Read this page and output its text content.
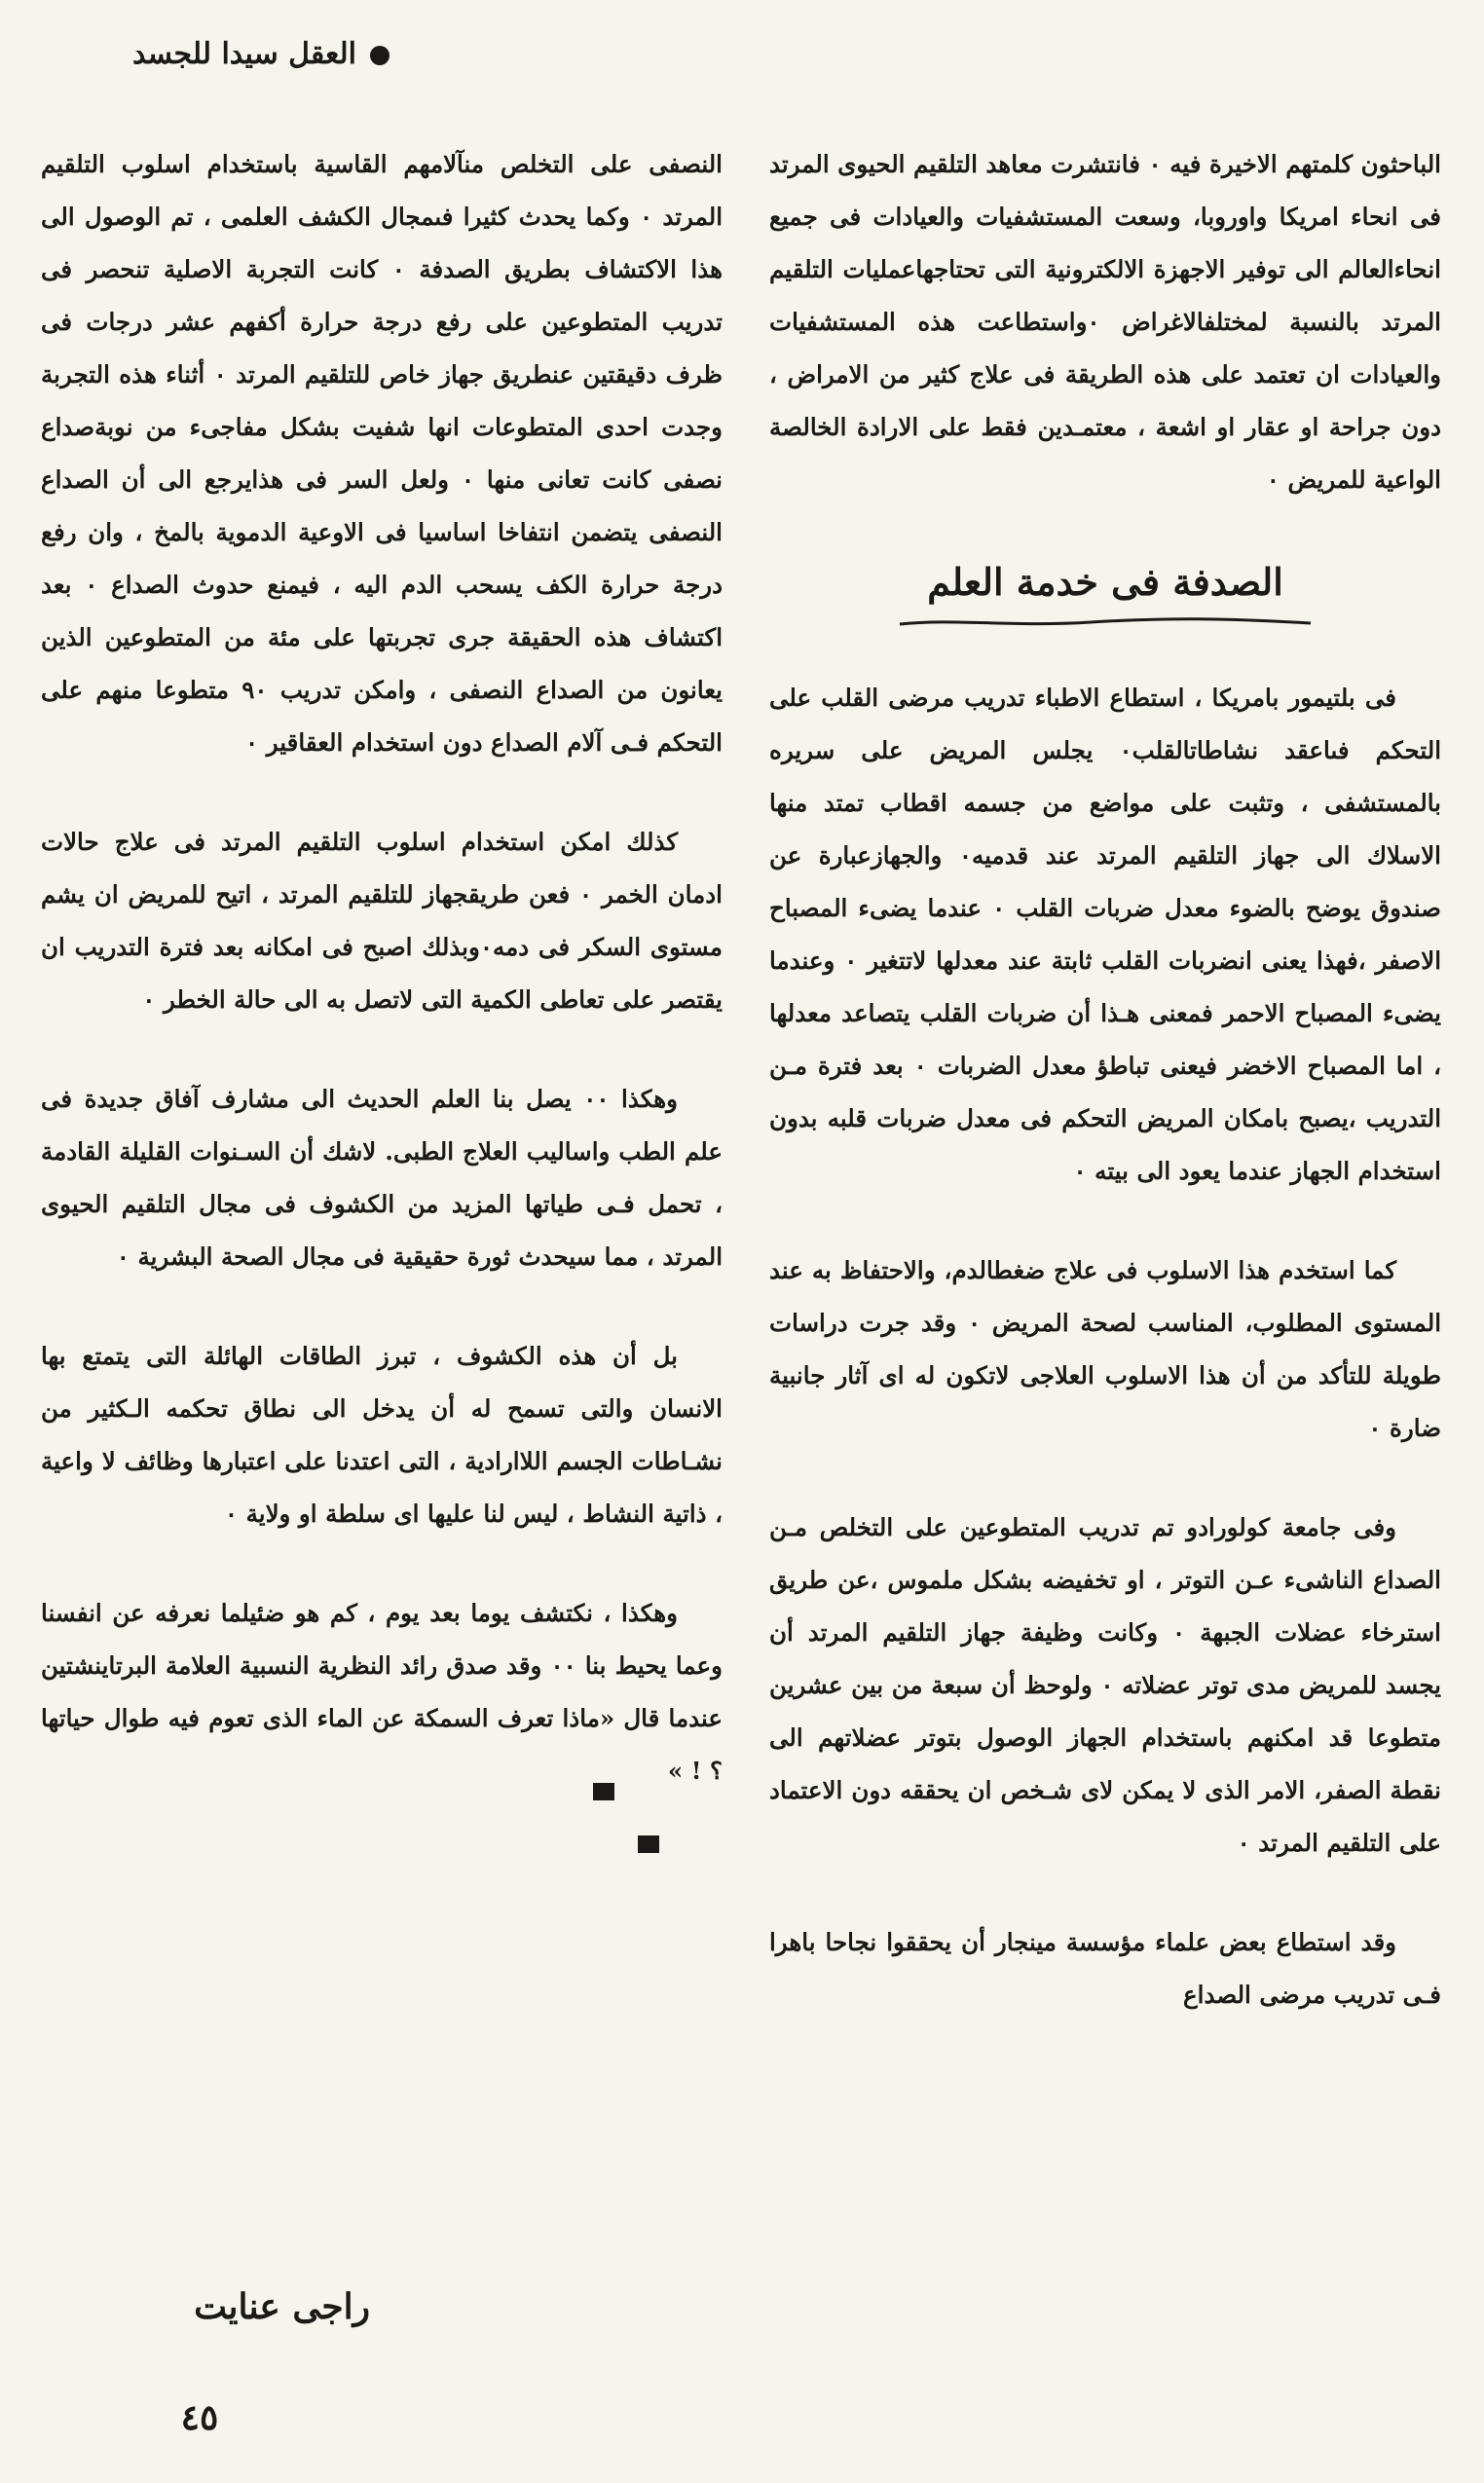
العقل سيدا للجسد

الباحثون كلمتهم الاخيرة فيه ٠ فانتشرت معاهد التلقيم الحيوى المرتد فى انحاء امريكا واوروبا، وسعت المستشفيات والعيادات فى جميع انحاءالعالم الى توفير الاجهزة الالكترونية التى تحتاجهاعمليات التلقيم المرتد بالنسبة لمختلفالاغراض ٠واستطاعت هذه المستشفيات والعيادات ان تعتمد على هذه الطريقة فى علاج كثير من الامراض ، دون جراحة او عقار او اشعة ، معتمـدين فقط على الارادة الخالصة الواعية للمريض ٠

الصدفة فى خدمة العلم

فى بلتيمور بامريكا ، استطاع الاطباء تدريب مرضى القلب على التحكم فىاعقد نشاطاتالقلب٠ يجلس المريض على سريره بالمستشفى ، وتثبت على مواضع من جسمه اقطاب تمتد منها الاسلاك الى جهاز التلقيم المرتد عند قدميه٠ والجهازعبارة عن صندوق يوضح بالضوء معدل ضربات القلب ٠ عندما يضىء المصباح الاصفر ،فهذا يعنى انضربات القلب ثابتة عند معدلها لاتتغير ٠ وعندما يضىء المصباح الاحمر فمعنى هـذا أن ضربات القلب يتصاعد معدلها ، اما المصباح الاخضر فيعنى تباطؤ معدل الضربات ٠ بعد فترة مـن التدريب ،يصبح بامكان المريض التحكم فى معدل ضربات قلبه بدون استخدام الجهاز عندما يعود الى بيته ٠

كما استخدم هذا الاسلوب فى علاج ضغطالدم، والاحتفاظ به عند المستوى المطلوب، المناسب لصحة المريض ٠ وقد جرت دراسات طويلة للتأكد من أن هذا الاسلوب العلاجى لاتكون له اى آثار جانبية ضارة ٠

وفى جامعة كولورادو تم تدريب المتطوعين على التخلص مـن الصداع الناشىء عـن التوتر ، او تخفيضه بشكل ملموس ،عن طريق استرخاء عضلات الجبهة ٠ وكانت وظيفة جهاز التلقيم المرتد أن يجسد للمريض مدى توتر عضلاته ٠ ولوحظ أن سبعة من بين عشرين متطوعا قد امكنهم باستخدام الجهاز الوصول بتوتر عضلاتهم الى نقطة الصفر، الامر الذى لا يمكن لاى شـخص ان يحققه دون الاعتماد على التلقيم المرتد ٠

وقد استطاع بعض علماء مؤسسة مينجار أن يحققوا نجاحا باهرا فـى تدريب مرضى الصداع

النصفى على التخلص منآلامهم القاسية باستخدام اسلوب التلقيم المرتد ٠ وكما يحدث كثيرا فىمجال الكشف العلمى ، تم الوصول الى هذا الاكتشاف بطريق الصدفة ٠ كانت التجربة الاصلية تنحصر فى تدريب المتطوعين على رفع درجة حرارة أكفهم عشر درجات فى ظرف دقيقتين عنطريق جهاز خاص للتلقيم المرتد ٠ أثناء هذه التجربة وجدت احدى المتطوعات انها شفيت بشكل مفاجىء من نوبةصداع نصفى كانت تعانى منها ٠ ولعل السر فى هذايرجع الى أن الصداع النصفى يتضمن انتفاخا اساسيا فى الاوعية الدموية بالمخ ، وان رفع درجة حرارة الكف يسحب الدم اليه ، فيمنع حدوث الصداع ٠ بعد اكتشاف هذه الحقيقة جرى تجربتها على مئة من المتطوعين الذين يعانون من الصداع النصفى ، وامكن تدريب ٩٠ متطوعا منهم على التحكم فـى آلام الصداع دون استخدام العقاقير ٠

كذلك امكن استخدام اسلوب التلقيم المرتد فى علاج حالات ادمان الخمر ٠ فعن طريقجهاز للتلقيم المرتد ، اتيح للمريض ان يشم مستوى السكر فى دمه٠وبذلك اصبح فى امكانه بعد فترة التدريب ان يقتصر على تعاطى الكمية التى لاتصل به الى حالة الخطر ٠

وهكذا ٠٠ يصل بنا العلم الحديث الى مشارف آفاق جديدة فى علم الطب واساليب العلاج الطبى. لاشك أن السـنوات القليلة القادمة ، تحمل فـى طياتها المزيد من الكشوف فى مجال التلقيم الحيوى المرتد ، مما سيحدث ثورة حقيقية فى مجال الصحة البشرية ٠

بل أن هذه الكشوف ، تبرز الطاقات الهائلة التى يتمتع بها الانسان والتى تسمح له أن يدخل الى نطاق تحكمه الـكثير من نشـاطات الجسم اللاارادية ، التى اعتدنا على اعتبارها وظائف لا واعية ، ذاتية النشاط ، ليس لنا عليها اى سلطة او ولاية ٠

وهكذا ، نكتشف يوما بعد يوم ، كم هو ضئيلما نعرفه عن انفسنا وعما يحيط بنا ٠٠ وقد صدق رائد النظرية النسبية العلامة البرتاينشتين عندما قال «ماذا تعرف السمكة عن الماء الذى تعوم فيه طوال حياتها ؟ ! »

راجى عنايت
٤٥
